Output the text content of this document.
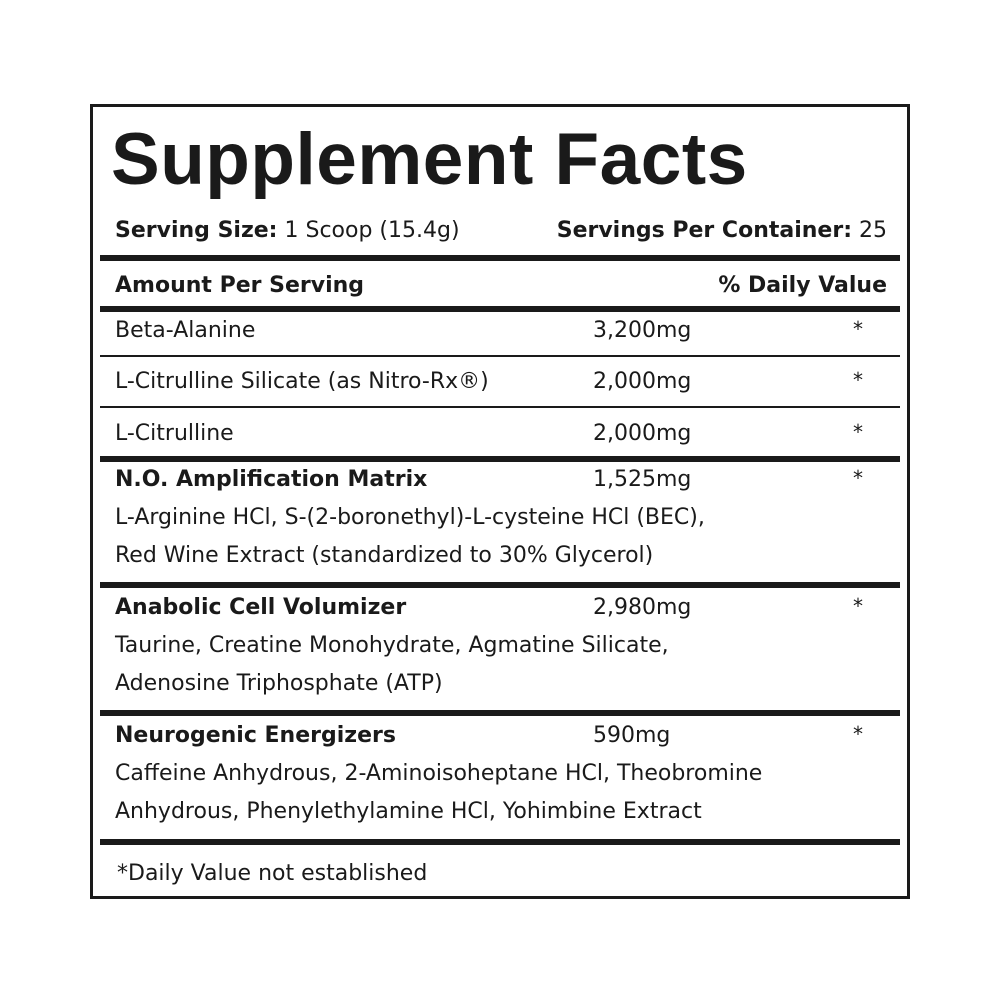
Supplement Facts
Serving Size: 1 Scoop (15.4g)	Servings Per Container: 25
Amount Per Serving	% Daily Value
Beta-Alanine	3,200mg	*
L-Citrulline Silicate (as Nitro-Rx®)	2,000mg	*
L-Citrulline	2,000mg	*
N.O. Amplification Matrix	1,525mg	*
L-Arginine HCl, S-(2-boronethyl)-L-cysteine HCl (BEC),
Red Wine Extract (standardized to 30% Glycerol)
Anabolic Cell Volumizer	2,980mg	*
Taurine, Creatine Monohydrate, Agmatine Silicate,
Adenosine Triphosphate (ATP)
Neurogenic Energizers	590mg	*
Caffeine Anhydrous, 2-Aminoisoheptane HCl, Theobromine
Anhydrous, Phenylethylamine HCl, Yohimbine Extract
*Daily Value not established
